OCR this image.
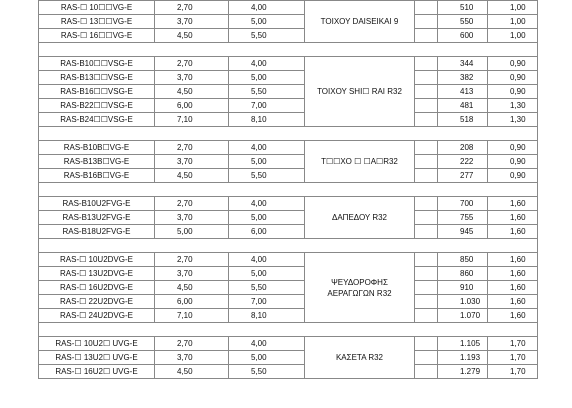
RAS-☐ 10☐☐VG-E	2,70	4,00	ΤΟΙΧΟΥ DAISEIKAI 9		510	1,00
RAS-☐ 13☐☐VG-E	3,70	5,00			550	1,00
RAS-☐ 16☐☐VG-E	4,50	5,50			600	1,00

RAS-B10☐☐VSG-E	2,70	4,00	ΤΟΙΧΟΥ SHI☐ RAI R32		344	0,90
RAS-B13☐☐VSG-E	3,70	5,00			382	0,90
RAS-B16☐☐VSG-E	4,50	5,50			413	0,90
RAS-B22☐☐VSG-E	6,00	7,00			481	1,30
RAS-B24☐☐VSG-E	7,10	8,10			518	1,30

RAS-B10B☐VG-E	2,70	4,00	Τ☐☐ΧΟ ☐ ☐A☐R32		208	0,90
RAS-B13B☐VG-E	3,70	5,00			222	0,90
RAS-B16B☐VG-E	4,50	5,50			277	0,90

RAS-B10U2FVG-E	2,70	4,00	ΔΑΠΕΔΟΥ R32		700	1,60
RAS-B13U2FVG-E	3,70	5,00			755	1,60
RAS-B18U2FVG-E	5,00	6,00			945	1,60

RAS-☐ 10U2DVG-E	2,70	4,00	ΨΕΥΔΟΡΟΦΗΣ ΑΕΡΑΓΩΓΩΝ R32		850	1,60
RAS-☐ 13U2DVG-E	3,70	5,00			860	1,60
RAS-☐ 16U2DVG-E	4,50	5,50			910	1,60
RAS-☐ 22U2DVG-E	6,00	7,00			1.030	1,60
RAS-☐ 24U2DVG-E	7,10	8,10			1.070	1,60

RAS-☐ 10U2☐ UVG-E	2,70	4,00	ΚΑΣΕΤΑ R32		1.105	1,70
RAS-☐ 13U2☐ UVG-E	3,70	5,00			1.193	1,70
RAS-☐ 16U2☐ UVG-E	4,50	5,50			1.279	1,70
